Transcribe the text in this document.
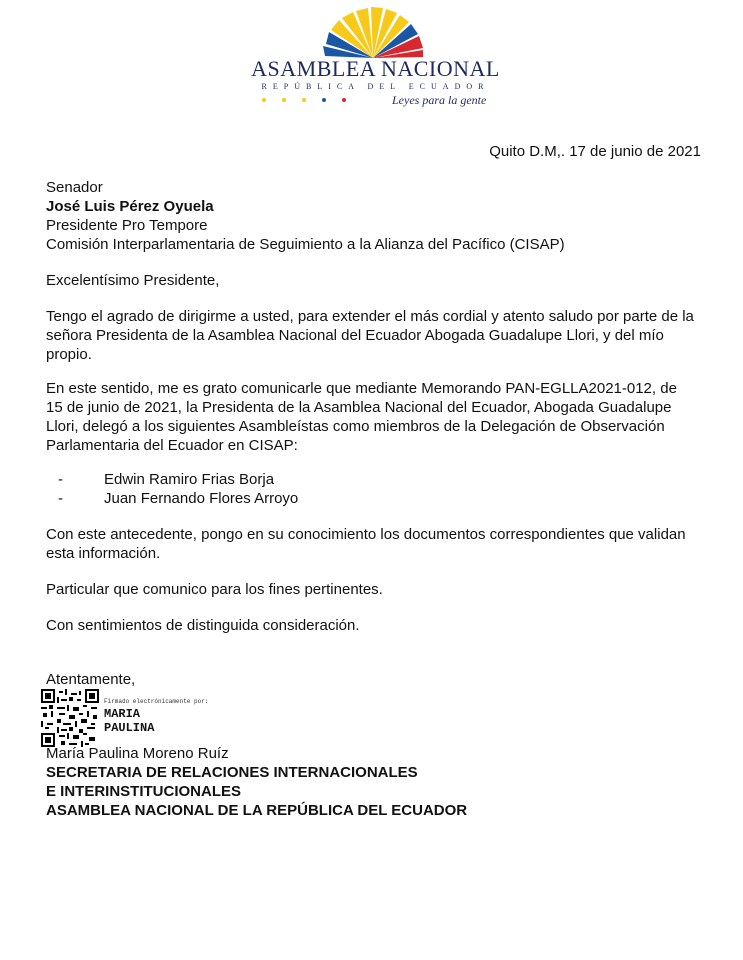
ASAMBLEA NACIONAL
REPÚBLICA DEL ECUADOR
Leyes para la gente
Quito D.M,. 17 de junio de 2021
Senador
José Luis Pérez Oyuela
Presidente Pro Tempore
Comisión Interparlamentaria de Seguimiento a la Alianza del Pacífico (CISAP)
Excelentísimo Presidente,
Tengo el agrado de dirigirme a usted, para extender el más cordial y atento saludo por parte de la señora Presidenta de la Asamblea Nacional del Ecuador Abogada Guadalupe Llori, y del mío propio.
En este sentido, me es grato comunicarle que mediante Memorando PAN-EGLLA2021-012, de 15 de junio de 2021, la Presidenta de la Asamblea Nacional del Ecuador, Abogada Guadalupe Llori, delegó a los siguientes Asambleístas como miembros de la Delegación de Observación Parlamentaria del Ecuador en CISAP:
-	Edwin Ramiro Frias Borja
-	Juan Fernando Flores Arroyo
Con este antecedente, pongo en su conocimiento los documentos correspondientes que validan esta información.
Particular que comunico para los fines pertinentes.
Con sentimientos de distinguida consideración.
Atentamente,
Firmado electrónicamente por:
MARIA
PAULINA
María Paulina Moreno Ruíz
SECRETARIA DE RELACIONES INTERNACIONALES
E INTERINSTITUCIONALES
ASAMBLEA NACIONAL DE LA REPÚBLICA DEL ECUADOR
